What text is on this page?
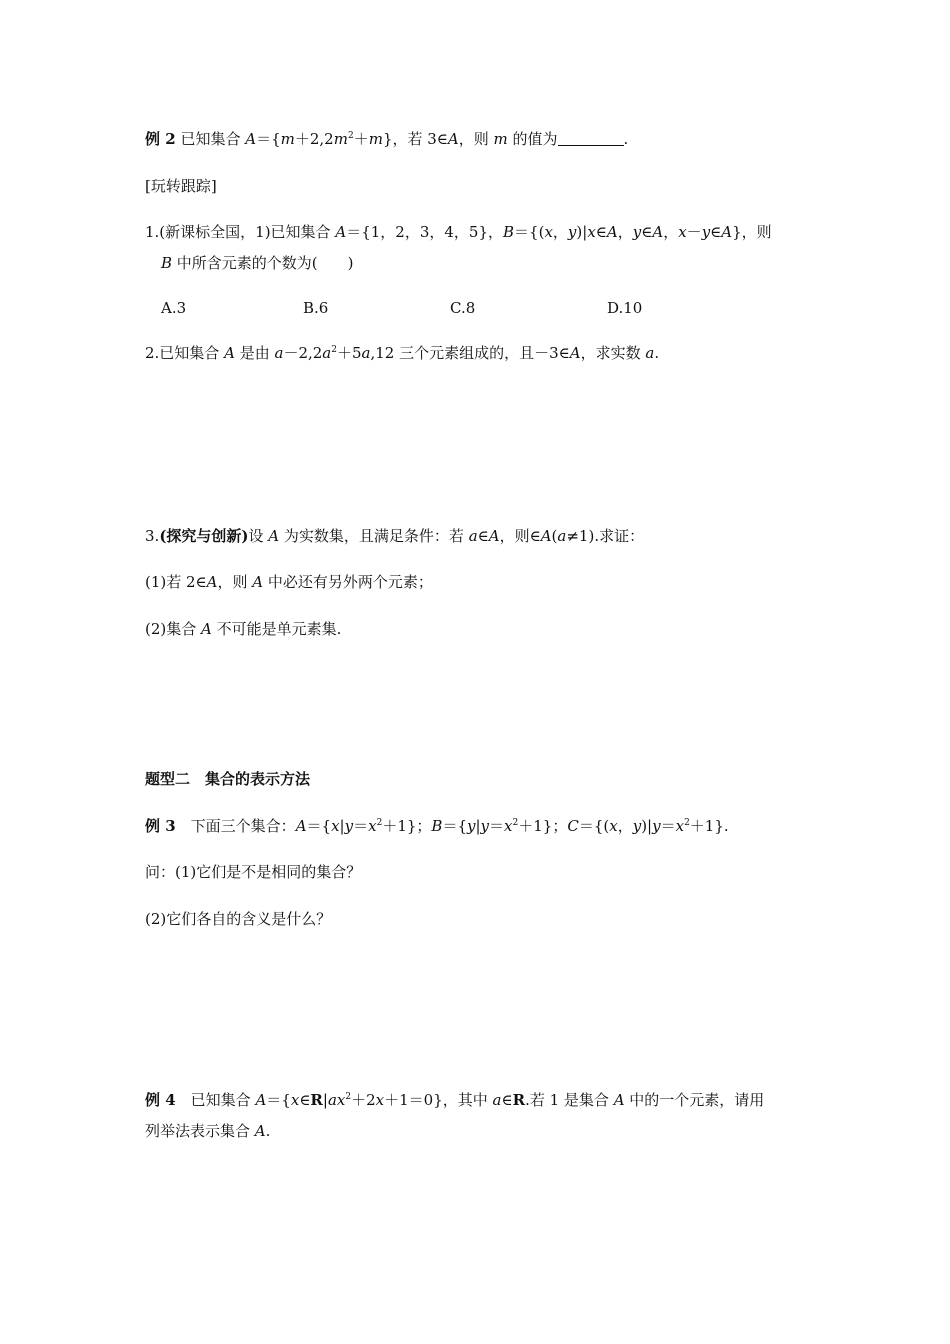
例 2 已知集合 $A=\{m+2,2m^2+m\}$，若 3∈A，则 m 的值为	.
[玩转跟踪]
1.(新课标全国，1)已知集合 A＝{1，2，3，4，5}，B＝{(x，y)|x∈A，y∈A，x－y∈A}，则
B 中所含元素的个数为(　　)
A.3	B.6	C.8	D.10
2.已知集合 A 是由 $a-2,2a^2+5a,12$ 三个元素组成的，且－3∈A，求实数 a.
3.(探究与创新)设 A 为实数集，且满足条件：若 a∈A，则∈A(a≠1).求证：
(1)若 2∈A，则 A 中必还有另外两个元素；
(2)集合 A 不可能是单元素集.
题型二　集合的表示方法
例 3　下面三个集合：$A=\{x|y=x^2+1\}$；$B=\{y|y=x^2+1\}$；C＝{(x，$y)|y=x^2+1$}.
问：(1)它们是不是相同的集合？
(2)它们各自的含义是什么？
例 4　已知集合 $A=\{x\in R|ax^2+2x+1=0\}$，其中 a∈R.若 1 是集合 A 中的一个元素，请用
列举法表示集合 A.
